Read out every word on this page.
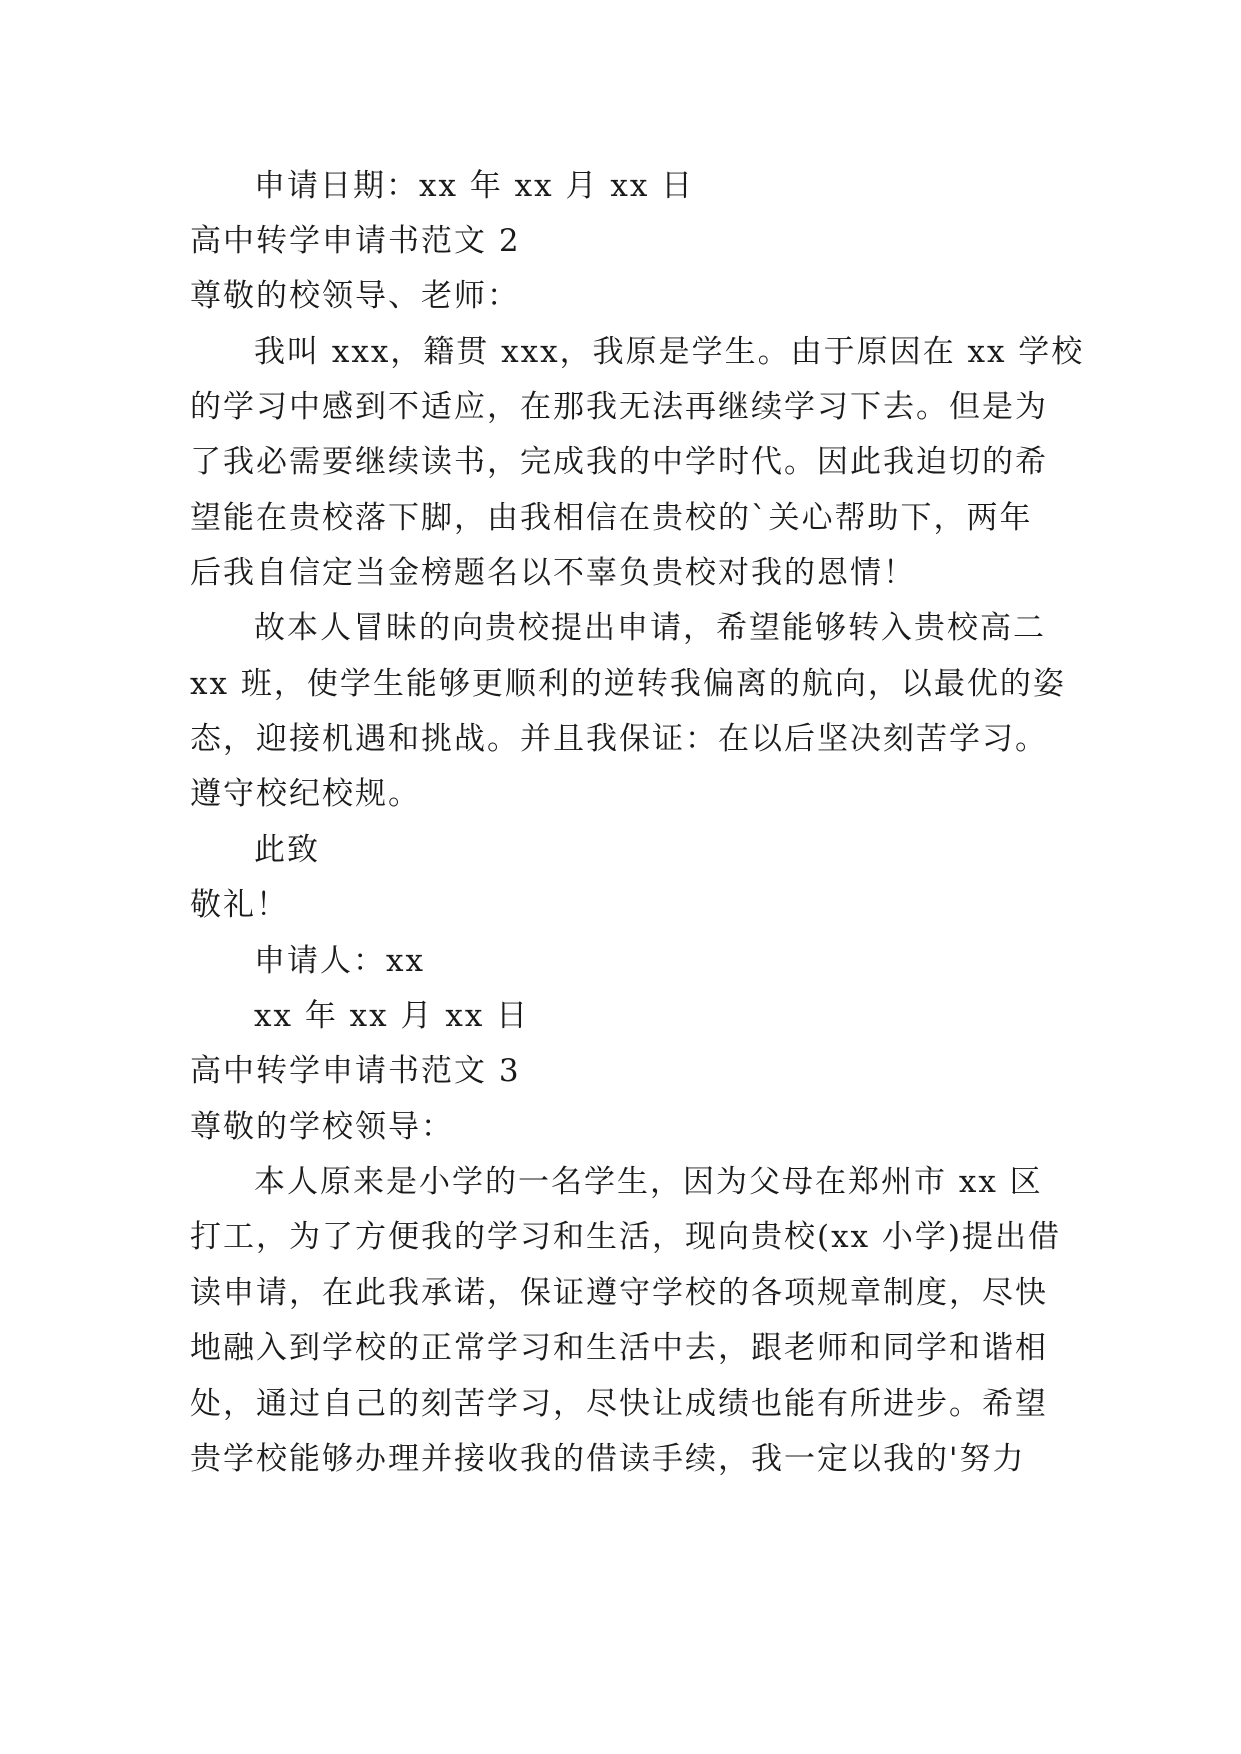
申请日期：xx 年 xx 月 xx 日
高中转学申请书范文 2
尊敬的校领导、老师：
我叫 xxx，籍贯 xxx，我原是学生。由于原因在 xx 学校
的学习中感到不适应，在那我无法再继续学习下去。但是为
了我必需要继续读书，完成我的中学时代。因此我迫切的希
望能在贵校落下脚，由我相信在贵校的`关心帮助下，两年
后我自信定当金榜题名以不辜负贵校对我的恩情！
故本人冒昧的向贵校提出申请，希望能够转入贵校高二
xx 班，使学生能够更顺利的逆转我偏离的航向，以最优的姿
态，迎接机遇和挑战。并且我保证：在以后坚决刻苦学习。
遵守校纪校规。
此致
敬礼！
申请人：xx
xx 年 xx 月 xx 日
高中转学申请书范文 3
尊敬的学校领导：
本人原来是小学的一名学生，因为父母在郑州市 xx 区
打工，为了方便我的学习和生活，现向贵校(xx 小学)提出借
读申请，在此我承诺，保证遵守学校的各项规章制度，尽快
地融入到学校的正常学习和生活中去，跟老师和同学和谐相
处，通过自己的刻苦学习，尽快让成绩也能有所进步。希望
贵学校能够办理并接收我的借读手续，我一定以我的'努力
